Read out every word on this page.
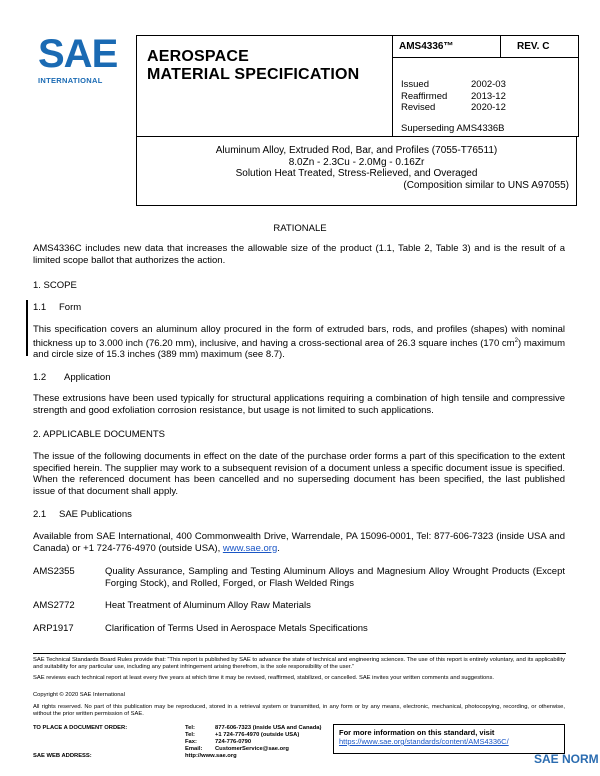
SAE
INTERNATIONAL
AEROSPACE
MATERIAL SPECIFICATION
AMS4336™	REV. C
Issued	2002-03
Reaffirmed 2013-12
Revised	2020-12
Superseding AMS4336B
Aluminum Alloy, Extruded Rod, Bar, and Profiles (7055-T76511)
8.0Zn - 2.3Cu - 2.0Mg - 0.16Zr
Solution Heat Treated, Stress-Relieved, and Overaged
(Composition similar to UNS A97055)
RATIONALE
AMS4336C includes new data that increases the allowable size of the product (1.1, Table 2, Table 3) and is the result of a limited scope ballot that authorizes the action.
1. SCOPE
1.1 Form
This specification covers an aluminum alloy procured in the form of extruded bars, rods, and profiles (shapes) with nominal thickness up to 3.000 inch (76.20 mm), inclusive, and having a cross-sectional area of 26.3 square inches (170 $cm^2$) maximum and circle size of 15.3 inches (389 mm) maximum (see 8.7).
1.2 Application
These extrusions have been used typically for structural applications requiring a combination of high tensile and compressive strength and good exfoliation corrosion resistance, but usage is not limited to such applications.
2. APPLICABLE DOCUMENTS
The issue of the following documents in effect on the date of the purchase order forms a part of this specification to the extent specified herein. The supplier may work to a subsequent revision of a document unless a specific document issue is specified. When the referenced document has been cancelled and no superseding document has been specified, the last published issue of that document shall apply.
2.1 SAE Publications
Available from SAE International, 400 Commonwealth Drive, Warrendale, PA 15096-0001, Tel: 877-606-7323 (inside USA and Canada) or +1 724-776-4970 (outside USA), www.sae.org.
AMS2355	Quality Assurance, Sampling and Testing Aluminum Alloys and Magnesium Alloy Wrought Products (Except Forging Stock), and Rolled, Forged, or Flash Welded Rings
AMS2772	Heat Treatment of Aluminum Alloy Raw Materials
ARP1917	Clarification of Terms Used in Aerospace Metals Specifications
SAE Technical Standards Board Rules provide that: “This report is published by SAE to advance the state of technical and engineering sciences. The use of this report is entirely voluntary, and its applicability and suitability for any particular use, including any patent infringement arising therefrom, is the sole responsibility of the user.”
SAE reviews each technical report at least every five years at which time it may be revised, reaffirmed, stabilized, or cancelled. SAE invites your written comments and suggestions.
Copyright © 2020 SAE International
All rights reserved. No part of this publication may be reproduced, stored in a retrieval system or transmitted, in any form or by any means, electronic, mechanical, photocopying, recording, or otherwise, without the prior written permission of SAE.
TO PLACE A DOCUMENT ORDER:	Tel:	877-606-7323 (inside USA and Canada)
Tel:	+1 724-776-4970 (outside USA)
Fax:	724-776-0790
Email: CustomerService@sae.org
SAE WEB ADDRESS:	http://www.sae.org
For more information on this standard, visit
https://www.sae.org/standards/content/AMS4336C/
SAE NORM
